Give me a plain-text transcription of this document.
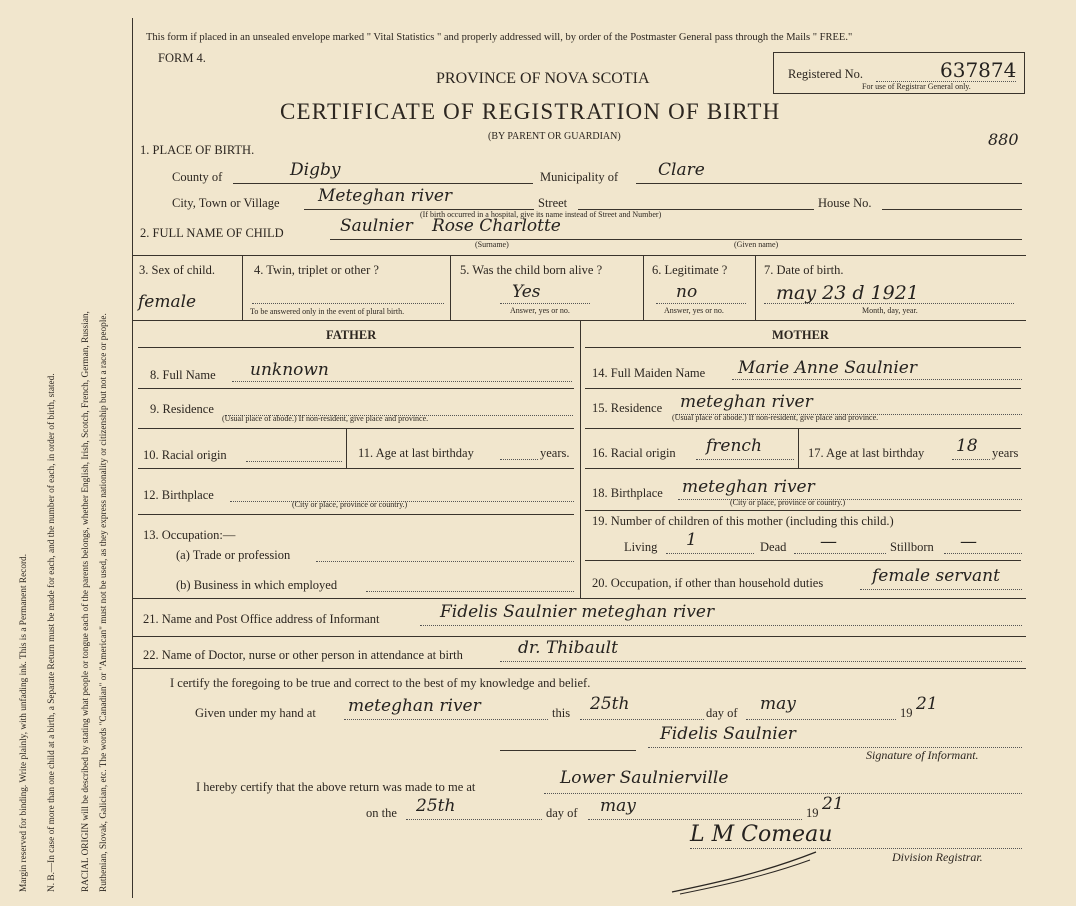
Margin reserved for binding. Write plainly, with unfading ink. This is a Permanent Record.	N. B.—In case of more than one child at a birth, a Separate Return must be made for each, and the number of each, in order of birth, stated.	RACIAL ORIGIN will be described by stating what people or tongue each of the parents belongs, whether English, Irish, Scotch, French, German, Russian, Ruthenian, Slovak, Galician, etc. The words "Canadian" or "American" must not be used, as they express nationality or citizenship but not a race or people.
This form if placed in an unsealed envelope marked " Vital Statistics " and properly addressed will, by order of the Postmaster General pass through the Mails " FREE."
FORM 4.
PROVINCE OF NOVA SCOTIA
CERTIFICATE OF REGISTRATION OF BIRTH
(BY PARENT OR GUARDIAN)
Registered No.	637874
For use of Registrar General only.
880
1. PLACE OF BIRTH.
County of	Digby	Municipality of Clare
City, Town or Village Meteghan river	Street	House No.
(If birth occurred in a hospital, give its name instead of Street and Number)
2. FULL NAME OF CHILD	Saulnier Rose Charlotte
(Surname)	(Given name)
3. Sex of child.
female
4. Twin, triplet or other ?
To be answered only in the event of plural birth.
5. Was the child born alive ?
Yes
Answer, yes or no.
6. Legitimate ?
no
Answer, yes or no.
7. Date of birth.
may 23 d 1921
Month, day, year.
FATHER	MOTHER
8. Full Name unknown
9. Residence
(Usual place of abode.) If non-resident, give place and province.
10. Racial origin	11. Age at last birthday	years.
12. Birthplace
(City or place, province or country.)
13. Occupation:—
(a) Trade or profession
(b) Business in which employed
14. Full Maiden Name Marie Anne Saulnier
15. Residence meteghan river
(Usual place of abode.) If non-resident, give place and province.
16. Racial origin french	17. Age at last birthday 18 years
18. Birthplace meteghan river
(City or place, province or country.)
19. Number of children of this mother (including this child.)
Living 1	Dead —	Stillborn —
20. Occupation, if other than household duties	female servant
21. Name and Post Office address of Informant	Fidelis Saulnier meteghan river
22. Name of Doctor, nurse or other person in attendance at birth	dr. Thibault
I certify the foregoing to be true and correct to the best of my knowledge and belief.
Given under my hand at meteghan river	this 25th	day of may	19 21
Fidelis Saulnier
Signature of Informant.
I hereby certify that the above return was made to me at	Lower Saulnierville
on the 25th	day of may	19 21
L M Comeau
Division Registrar.
